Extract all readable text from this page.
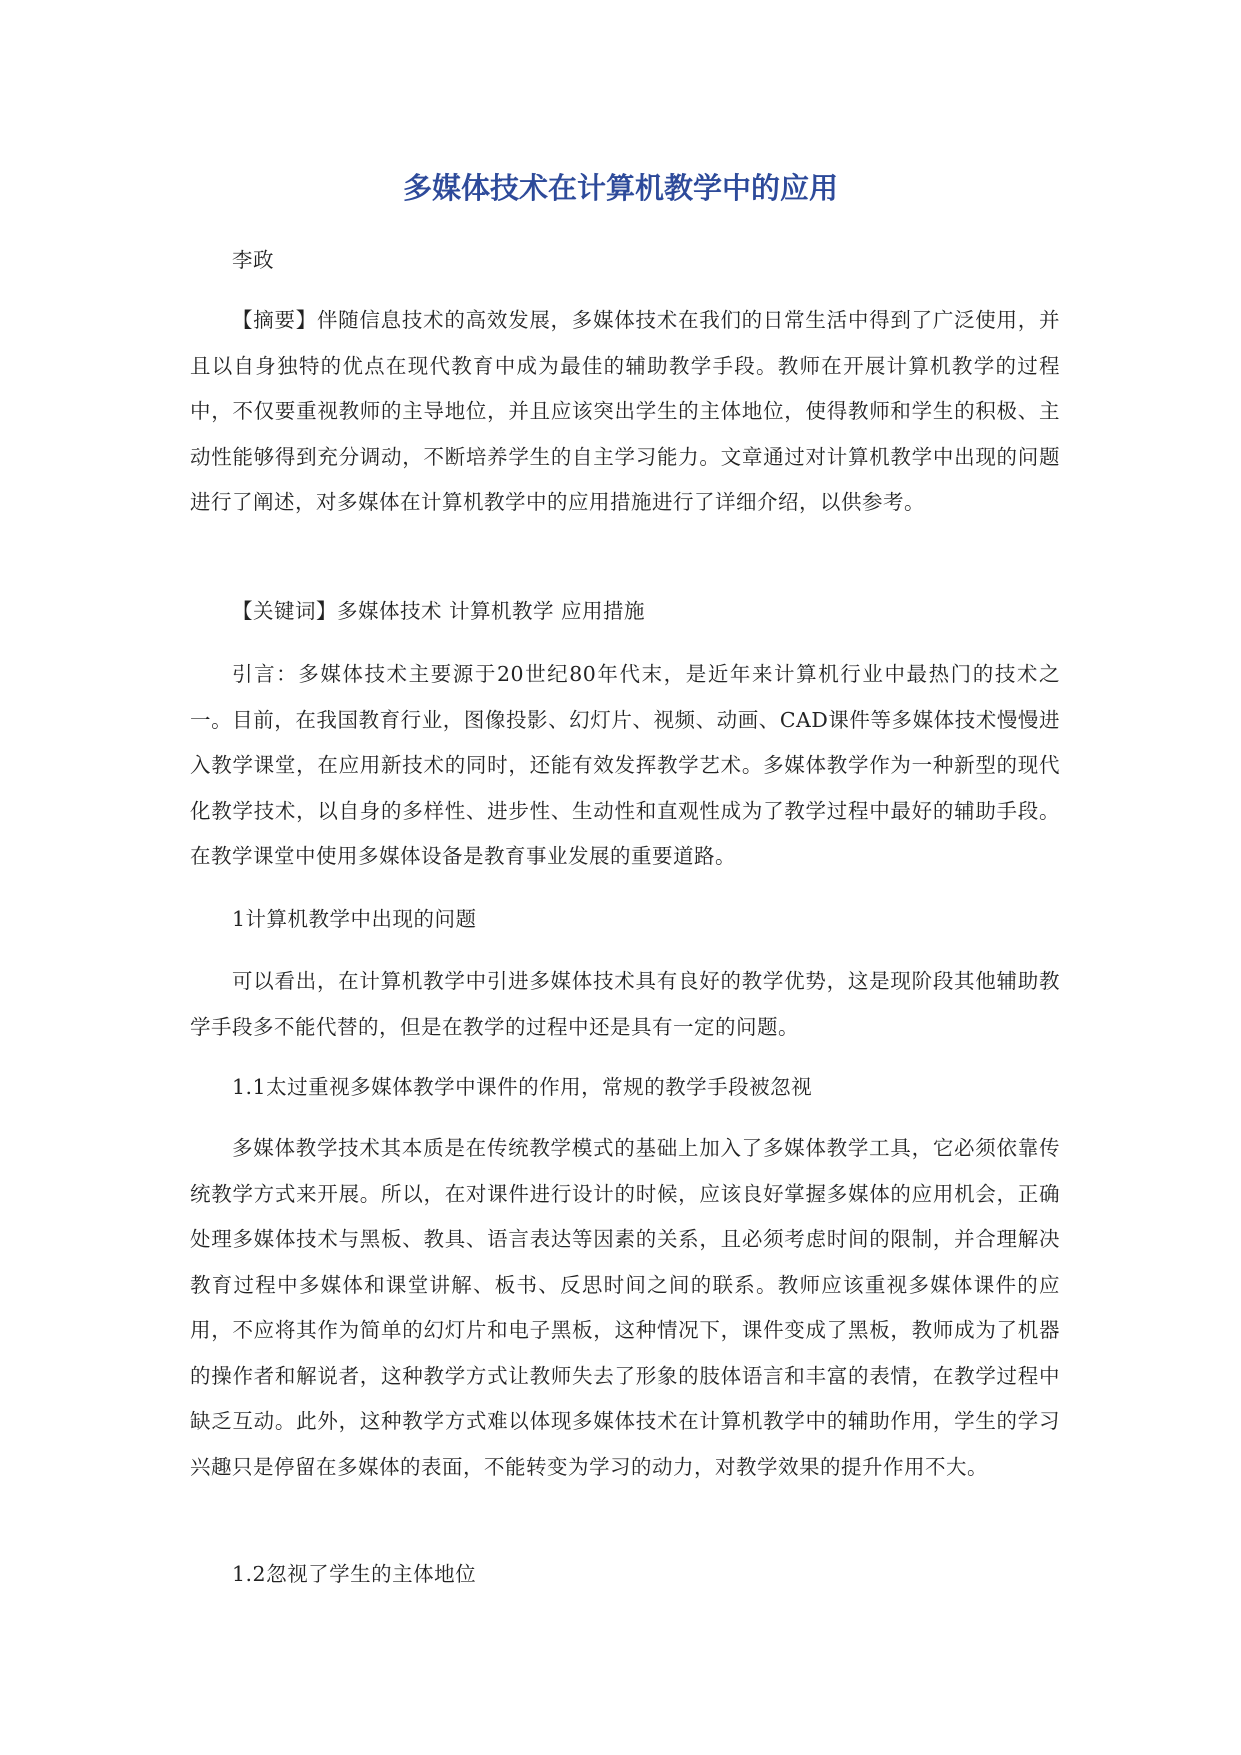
多媒体技术在计算机教学中的应用

李政

【摘要】伴随信息技术的高效发展，多媒体技术在我们的日常生活中得到了广泛使用，并且以自身独特的优点在现代教育中成为最佳的辅助教学手段。教师在开展计算机教学的过程中，不仅要重视教师的主导地位，并且应该突出学生的主体地位，使得教师和学生的积极、主动性能够得到充分调动，不断培养学生的自主学习能力。文章通过对计算机教学中出现的问题进行了阐述，对多媒体在计算机教学中的应用措施进行了详细介绍，以供参考。

【关键词】多媒体技术 计算机教学 应用措施

引言：多媒体技术主要源于20世纪80年代末，是近年来计算机行业中最热门的技术之一。目前，在我国教育行业，图像投影、幻灯片、视频、动画、CAD课件等多媒体技术慢慢进入教学课堂，在应用新技术的同时，还能有效发挥教学艺术。多媒体教学作为一种新型的现代化教学技术，以自身的多样性、进步性、生动性和直观性成为了教学过程中最好的辅助手段。在教学课堂中使用多媒体设备是教育事业发展的重要道路。

1计算机教学中出现的问题

可以看出，在计算机教学中引进多媒体技术具有良好的教学优势，这是现阶段其他辅助教学手段多不能代替的，但是在教学的过程中还是具有一定的问题。

1.1太过重视多媒体教学中课件的作用，常规的教学手段被忽视

多媒体教学技术其本质是在传统教学模式的基础上加入了多媒体教学工具，它必须依靠传统教学方式来开展。所以，在对课件进行设计的时候，应该良好掌握多媒体的应用机会，正确处理多媒体技术与黑板、教具、语言表达等因素的关系，且必须考虑时间的限制，并合理解决教育过程中多媒体和课堂讲解、板书、反思时间之间的联系。教师应该重视多媒体课件的应用，不应将其作为简单的幻灯片和电子黑板，这种情况下，课件变成了黑板，教师成为了机器的操作者和解说者，这种教学方式让教师失去了形象的肢体语言和丰富的表情，在教学过程中缺乏互动。此外，这种教学方式难以体现多媒体技术在计算机教学中的辅助作用，学生的学习兴趣只是停留在多媒体的表面，不能转变为学习的动力，对教学效果的提升作用不大。

1.2忽视了学生的主体地位
